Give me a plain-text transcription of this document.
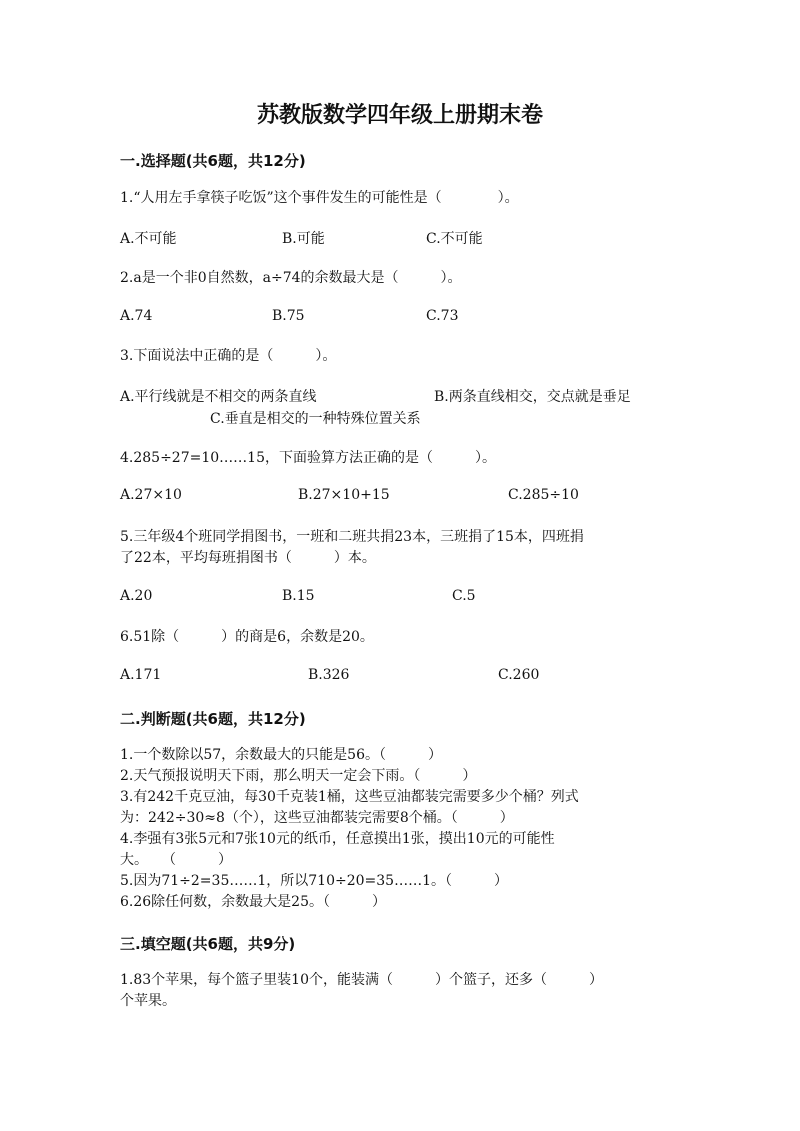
苏教版数学四年级上册期末卷
一.选择题(共6题，共12分)
1.“人用左手拿筷子吃饭”这个事件发生的可能性是（　　　　）。
A.不可能	B.可能	C.不可能
2.a是一个非0自然数，a÷74的余数最大是（　　　）。
A.74	B.75	C.73
3.下面说法中正确的是（　　　）。
A.平行线就是不相交的两条直线	B.两条直线相交，交点就是垂足
C.垂直是相交的一种特殊位置关系
4.285÷27=10……15，下面验算方法正确的是（　　　）。
A.27×10	B.27×10+15	C.285÷10
5.三年级4个班同学捐图书，一班和二班共捐23本，三班捐了15本，四班捐
了22本，平均每班捐图书（　　　）本。
A.20	B.15	C.5
6.51除（　　　）的商是6，余数是20。
A.171	B.326	C.260
二.判断题(共6题，共12分)
1.一个数除以57，余数最大的只能是56。（　　　）
2.天气预报说明天下雨，那么明天一定会下雨。（　　　）
3.有242千克豆油，每30千克装1桶，这些豆油都装完需要多少个桶？列式
为：242÷30≈8（个），这些豆油都装完需要8个桶。（　　　）
4.李强有3张5元和7张10元的纸币，任意摸出1张，摸出10元的可能性
大。　　（　　　）
5.因为71÷2=35……1，所以710÷20=35……1。（　　　）
6.26除任何数，余数最大是25。（　　　）
三.填空题(共6题，共9分)
1.83个苹果，每个篮子里装10个，能装满（　　　）个篮子，还多（　　　）
个苹果。
